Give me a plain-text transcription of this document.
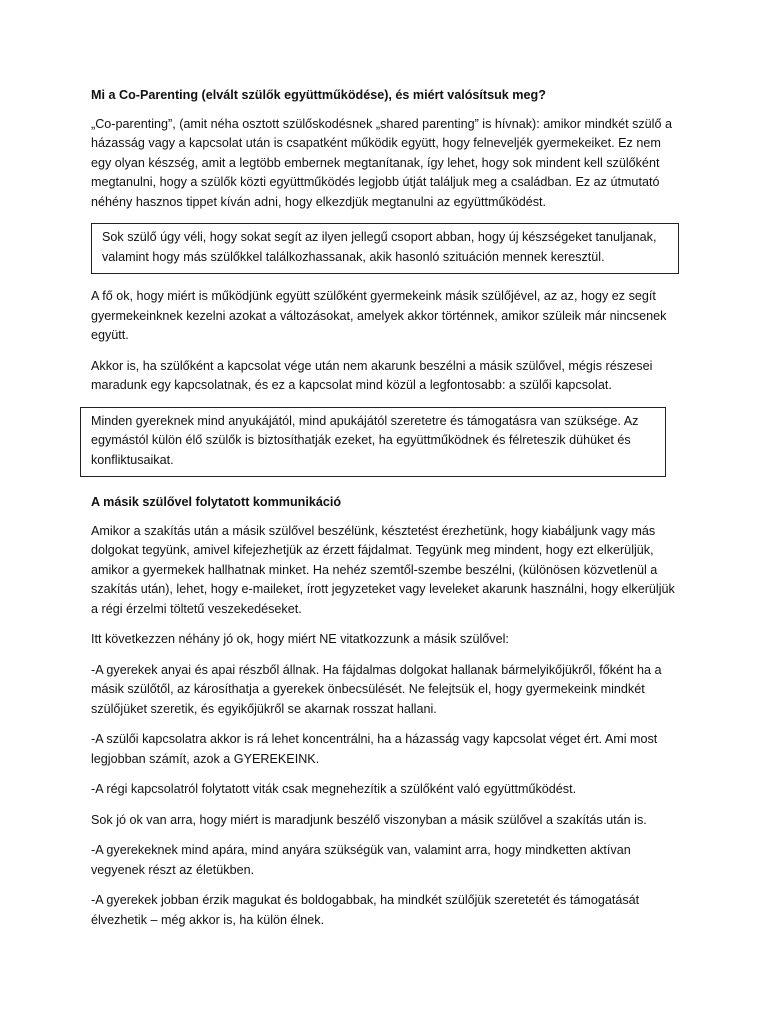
Mi a Co-Parenting (elvált szülők együttműködése), és miért valósítsuk meg?

„Co-parenting”, (amit néha osztott szülőskodésnek „shared parenting” is hívnak): amikor mindkét szülő a házasság vagy a kapcsolat után is csapatként működik együtt, hogy felneveljék gyermekeiket. Ez nem egy olyan készség, amit a legtöbb embernek megtanítanak, így lehet, hogy sok mindent kell szülőként megtanulni, hogy a szülők közti együttműködés legjobb útját találjuk meg a családban. Ez az útmutató néhény hasznos tippet kíván adni, hogy elkezdjük megtanulni az együttműködést.

Sok szülő úgy véli, hogy sokat segít az ilyen jellegű csoport abban, hogy új készségeket tanuljanak, valamint hogy más szülőkkel találkozhassanak, akik hasonló szituáción mennek keresztül.

A fő ok, hogy miért is működjünk együtt szülőként gyermekeink másik szülőjével, az az, hogy ez segít gyermekeinknek kezelni azokat a változásokat, amelyek akkor történnek, amikor szüleik már nincsenek együtt.

Akkor is, ha szülőként a kapcsolat vége után nem akarunk beszélni a másik szülővel, mégis részesei maradunk egy kapcsolatnak, és ez a kapcsolat mind közül a legfontosabb: a szülői kapcsolat.

Minden gyereknek mind anyukájától, mind apukájától szeretetre és támogatásra van szüksége. Az egymástól külön élő szülők is biztosíthatják ezeket, ha együttműködnek és félreteszik dühüket és konfliktusaikat.

A másik szülővel folytatott kommunikáció

Amikor a szakítás után a másik szülővel beszélünk, késztetést érezhetünk, hogy kiabáljunk vagy más dolgokat tegyünk, amivel kifejezhetjük az érzett fájdalmat. Tegyünk meg mindent, hogy ezt elkerüljük, amikor a gyermekek hallhatnak minket. Ha nehéz szemtől-szembe beszélni, (különösen közvetlenül a szakítás után), lehet, hogy e-maileket, írott jegyzeteket vagy leveleket akarunk használni, hogy elkerüljük a régi érzelmi töltetű veszekedéseket.

Itt következzen néhány jó ok, hogy miért NE vitatkozzunk a másik szülővel:

-A gyerekek anyai és apai részből állnak. Ha fájdalmas dolgokat hallanak bármelyikőjükről, főként ha a másik szülőtől, az károsíthatja a gyerekek önbecsülését. Ne felejtsük el, hogy gyermekeink mindkét szülőjüket szeretik, és egyikőjükről se akarnak rosszat hallani.

-A szülői kapcsolatra akkor is rá lehet koncentrálni, ha a házasság vagy kapcsolat véget ért. Ami most legjobban számít, azok a GYEREKEINK.

-A régi kapcsolatról folytatott viták csak megnehezítik a szülőként való együttműködést.

Sok jó ok van arra, hogy miért is maradjunk beszélő viszonyban a másik szülővel a szakítás után is.

-A gyerekeknek mind apára, mind anyára szükségük van, valamint arra, hogy mindketten aktívan vegyenek részt az életükben.

-A gyerekek jobban érzik magukat és boldogabbak, ha mindkét szülőjük szeretetét és támogatását élvezhetik – még akkor is, ha külön élnek.
